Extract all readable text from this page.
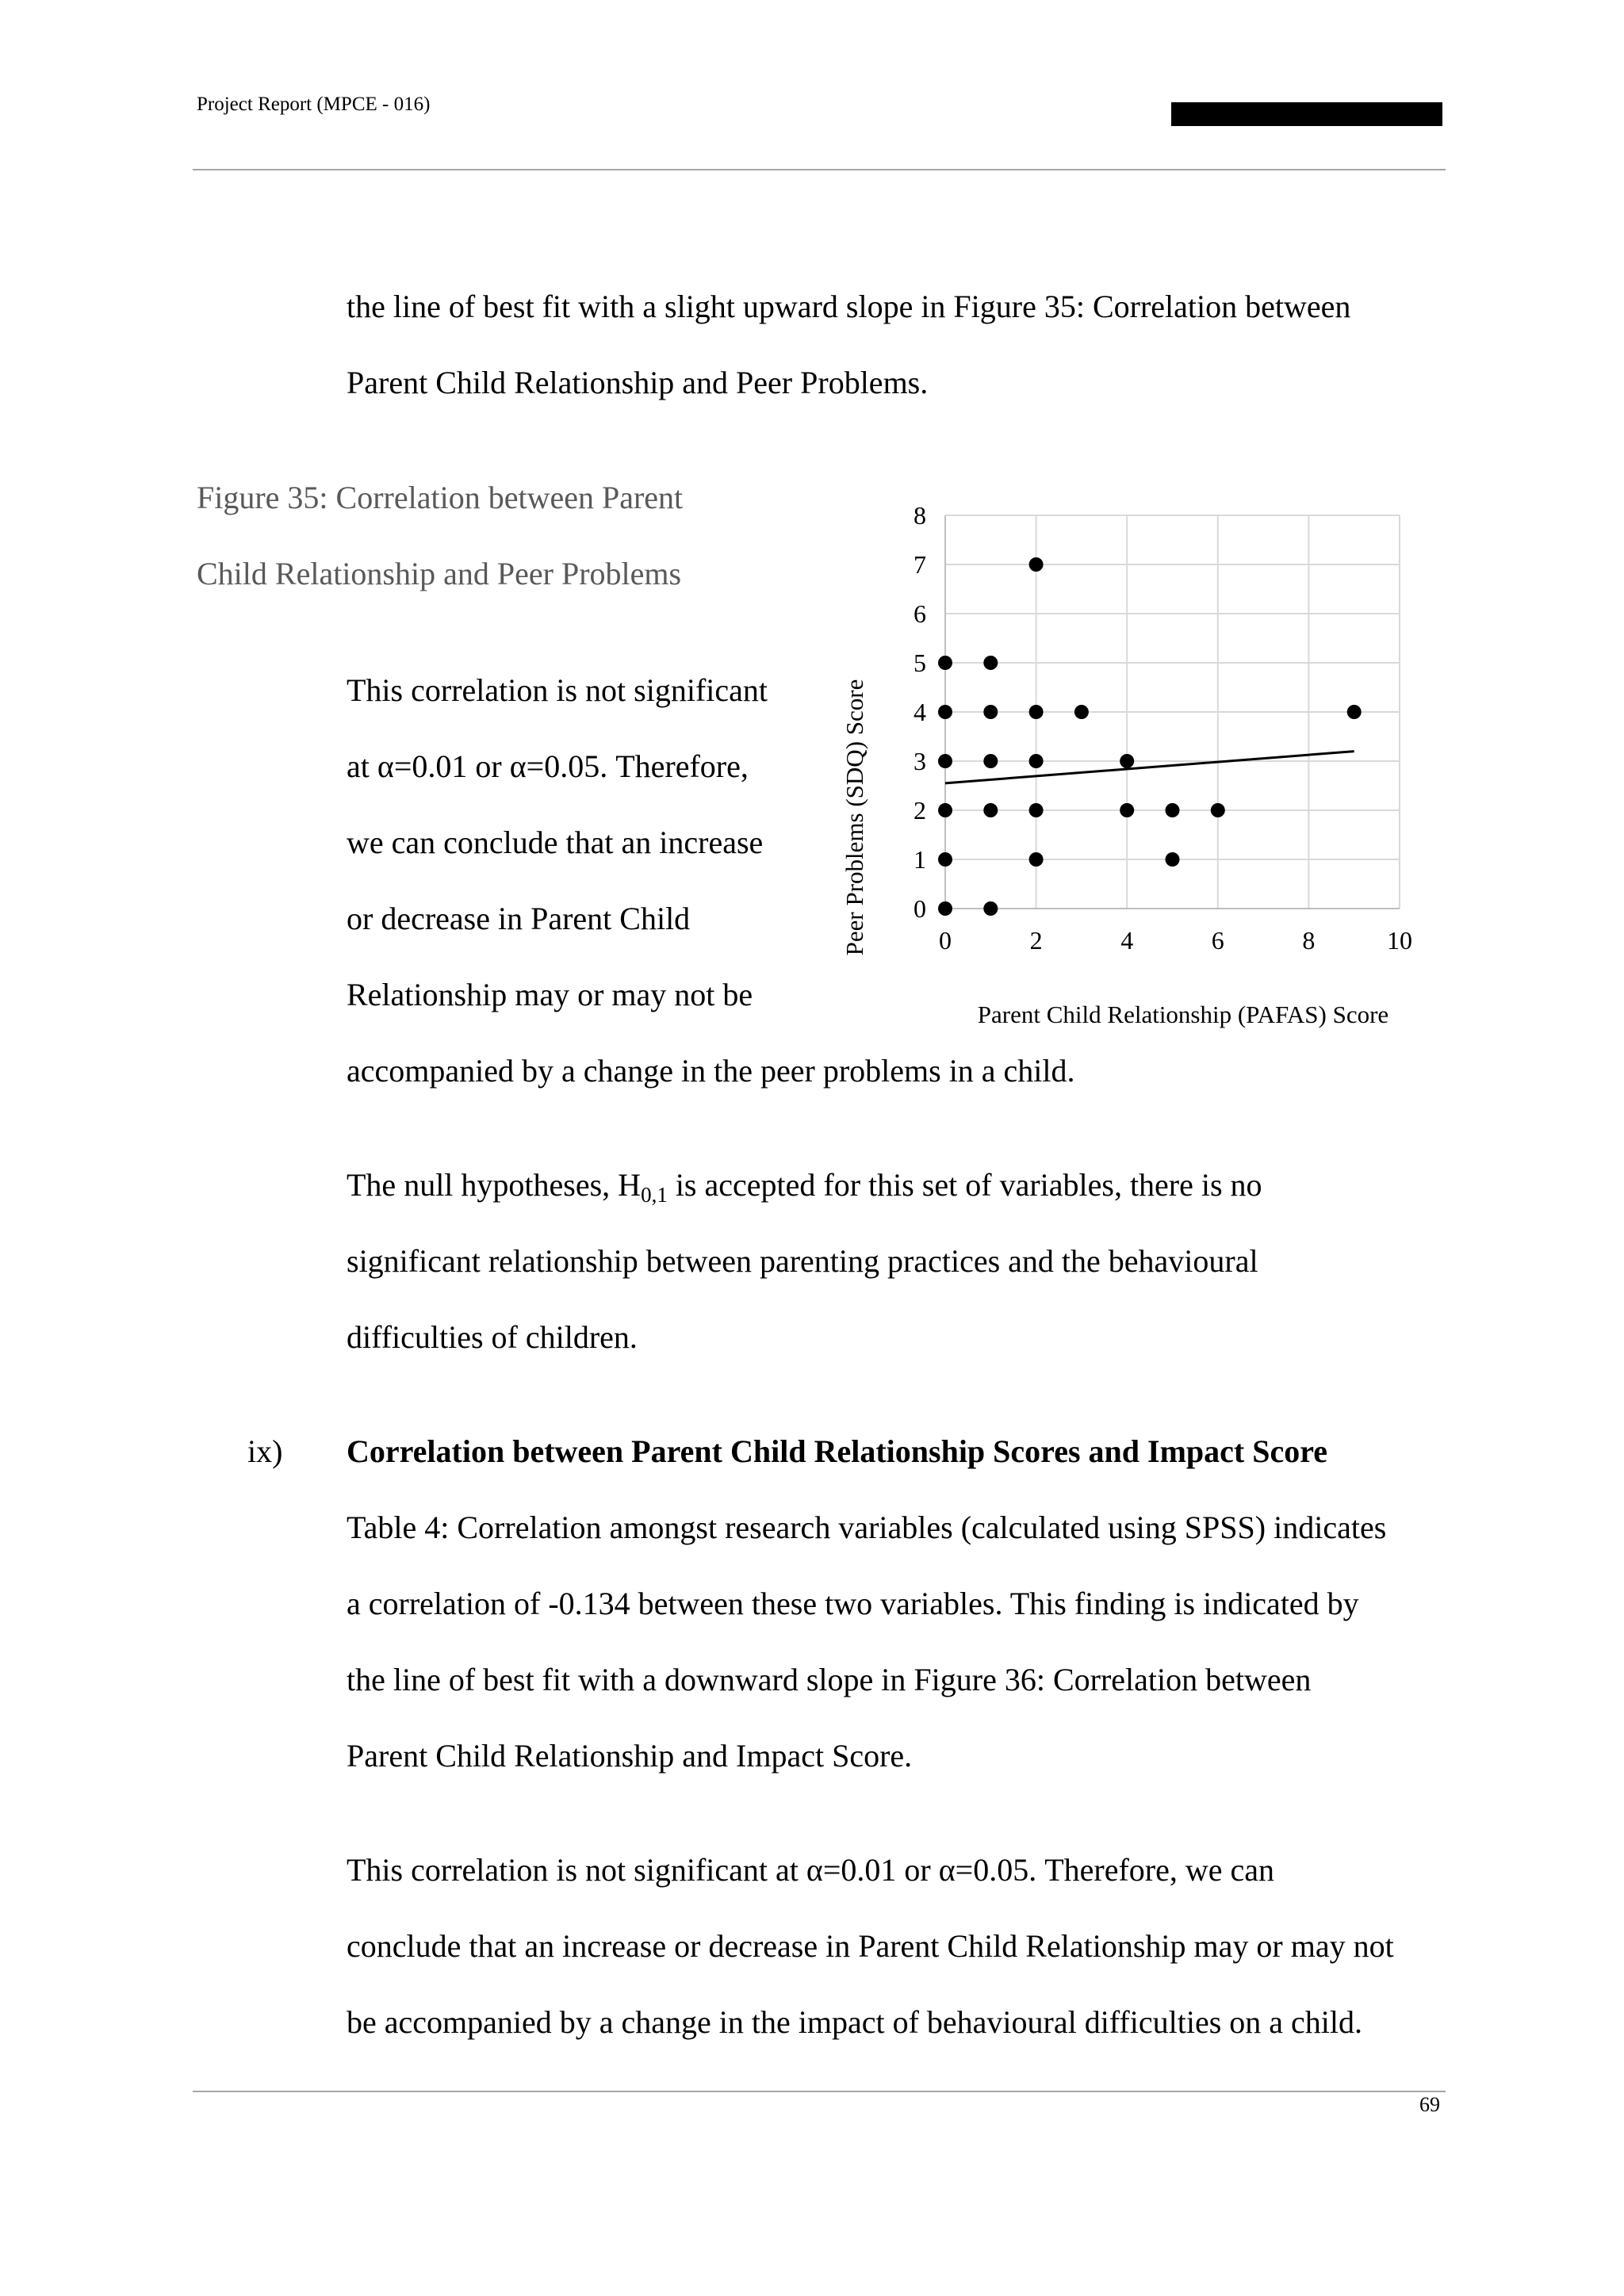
Project Report (MPCE - 016)
the line of best fit with a slight upward slope in Figure 35: Correlation between
Parent Child Relationship and Peer Problems.
Figure 35: Correlation between Parent
Child Relationship and Peer Problems
This correlation is not significant
at α=0.01 or α=0.05. Therefore,
we can conclude that an increase
or decrease in Parent Child
Relationship may or may not be
accompanied by a change in the peer problems in a child.
0
1
2
3
4
5
6
7
8
0	2	4	6	8	10
Parent Child Relationship (PAFAS) Score
Peer Problems (SDQ) Score
The null hypotheses, $H_{0,1}$ is accepted for this set of variables, there is no
significant relationship between parenting practices and the behavioural
difficulties of children.
ix) Correlation between Parent Child Relationship Scores and Impact Score
Table 4: Correlation amongst research variables (calculated using SPSS) indicates
a correlation of -0.134 between these two variables. This finding is indicated by
the line of best fit with a downward slope in Figure 36: Correlation between
Parent Child Relationship and Impact Score.
This correlation is not significant at α=0.01 or α=0.05. Therefore, we can
conclude that an increase or decrease in Parent Child Relationship may or may not
be accompanied by a change in the impact of behavioural difficulties on a child.
69
